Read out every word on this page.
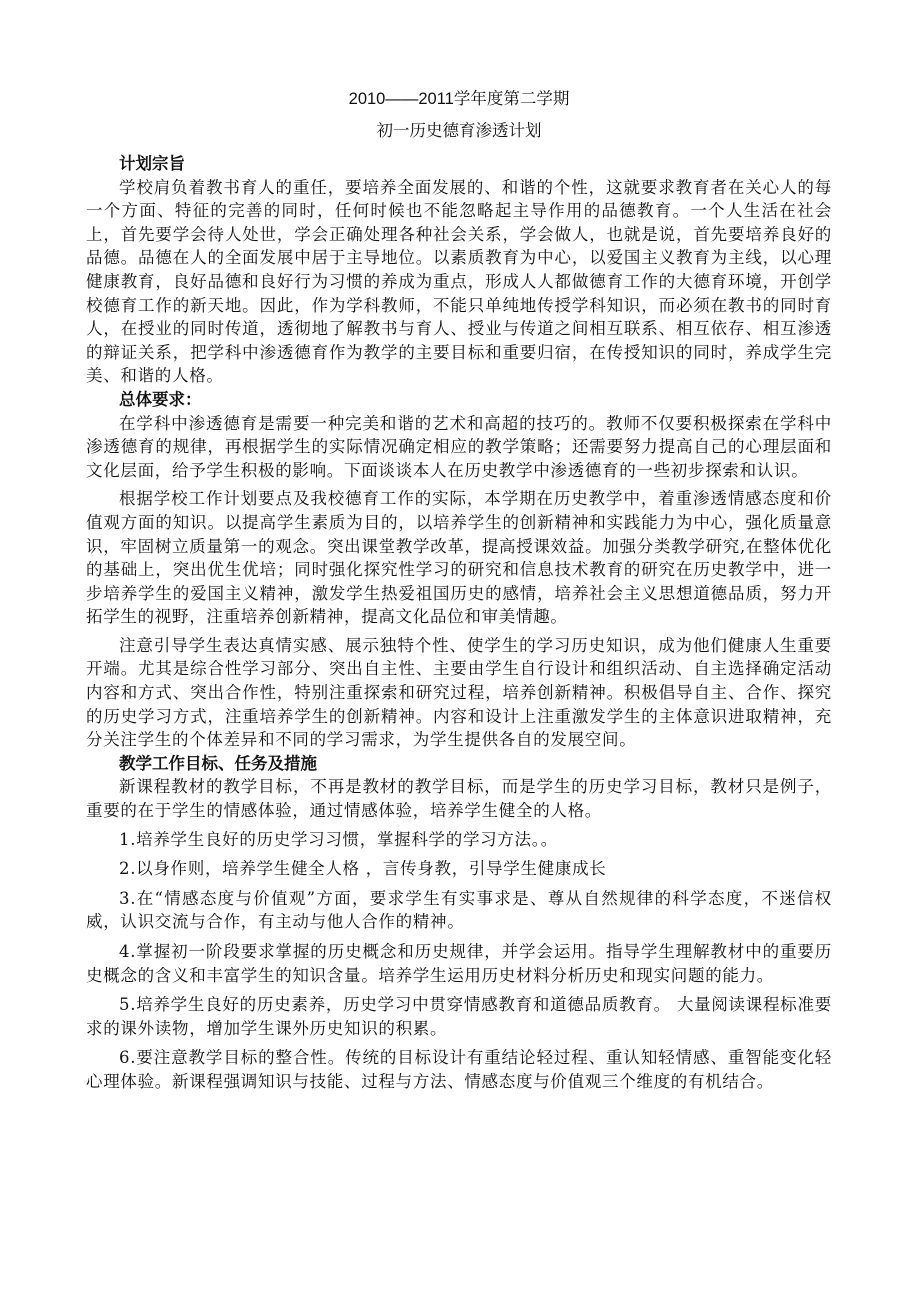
2010——2011学年度第二学期

初一历史德育渗透计划

计划宗旨

学校肩负着教书育人的重任，要培养全面发展的、和谐的个性，这就要求教育者在关心人的每一个方面、特征的完善的同时，任何时候也不能忽略起主导作用的品德教育。一个人生活在社会上，首先要学会待人处世，学会正确处理各种社会关系，学会做人，也就是说，首先要培养良好的品德。品德在人的全面发展中居于主导地位。以素质教育为中心，以爱国主义教育为主线，以心理健康教育，良好品德和良好行为习惯的养成为重点，形成人人都做德育工作的大德育环境，开创学校德育工作的新天地。因此，作为学科教师，不能只单纯地传授学科知识，而必须在教书的同时育人，在授业的同时传道，透彻地了解教书与育人、授业与传道之间相互联系、相互依存、相互渗透的辩证关系，把学科中渗透德育作为教学的主要目标和重要归宿，在传授知识的同时，养成学生完美、和谐的人格。

总体要求：

在学科中渗透德育是需要一种完美和谐的艺术和高超的技巧的。教师不仅要积极探索在学科中渗透德育的规律，再根据学生的实际情况确定相应的教学策略；还需要努力提高自己的心理层面和文化层面，给予学生积极的影响。下面谈谈本人在历史教学中渗透德育的一些初步探索和认识。

根据学校工作计划要点及我校德育工作的实际，本学期在历史教学中，着重渗透情感态度和价值观方面的知识。以提高学生素质为目的，以培养学生的创新精神和实践能力为中心，强化质量意识，牢固树立质量第一的观念。突出课堂教学改革，提高授课效益。加强分类教学研究,在整体优化的基础上，突出优生优培；同时强化探究性学习的研究和信息技术教育的研究在历史教学中，进一步培养学生的爱国主义精神，激发学生热爱祖国历史的感情，培养社会主义思想道德品质，努力开拓学生的视野，注重培养创新精神，提高文化品位和审美情趣。

注意引导学生表达真情实感、展示独特个性、使学生的学习历史知识，成为他们健康人生重要开端。尤其是综合性学习部分、突出自主性、主要由学生自行设计和组织活动、自主选择确定活动内容和方式、突出合作性，特别注重探索和研究过程，培养创新精神。积极倡导自主、合作、探究的历史学习方式，注重培养学生的创新精神。内容和设计上注重激发学生的主体意识进取精神，充分关注学生的个体差异和不同的学习需求，为学生提供各自的发展空间。

教学工作目标、任务及措施

新课程教材的教学目标，不再是教材的教学目标，而是学生的历史学习目标，教材只是例子，重要的在于学生的情感体验，通过情感体验，培养学生健全的人格。

1.培养学生良好的历史学习习惯，掌握科学的学习方法。。

2.以身作则，培养学生健全人格 ，言传身教，引导学生健康成长

3.在“情感态度与价值观”方面，要求学生有实事求是、尊从自然规律的科学态度，不迷信权威，认识交流与合作，有主动与他人合作的精神。

4.掌握初一阶段要求掌握的历史概念和历史规律，并学会运用。指导学生理解教材中的重要历史概念的含义和丰富学生的知识含量。培养学生运用历史材料分析历史和现实问题的能力。

5.培养学生良好的历史素养，历史学习中贯穿情感教育和道德品质教育。 大量阅读课程标准要求的课外读物，增加学生课外历史知识的积累。

6.要注意教学目标的整合性。传统的目标设计有重结论轻过程、重认知轻情感、重智能变化轻心理体验。新课程强调知识与技能、过程与方法、情感态度与价值观三个维度的有机结合。
